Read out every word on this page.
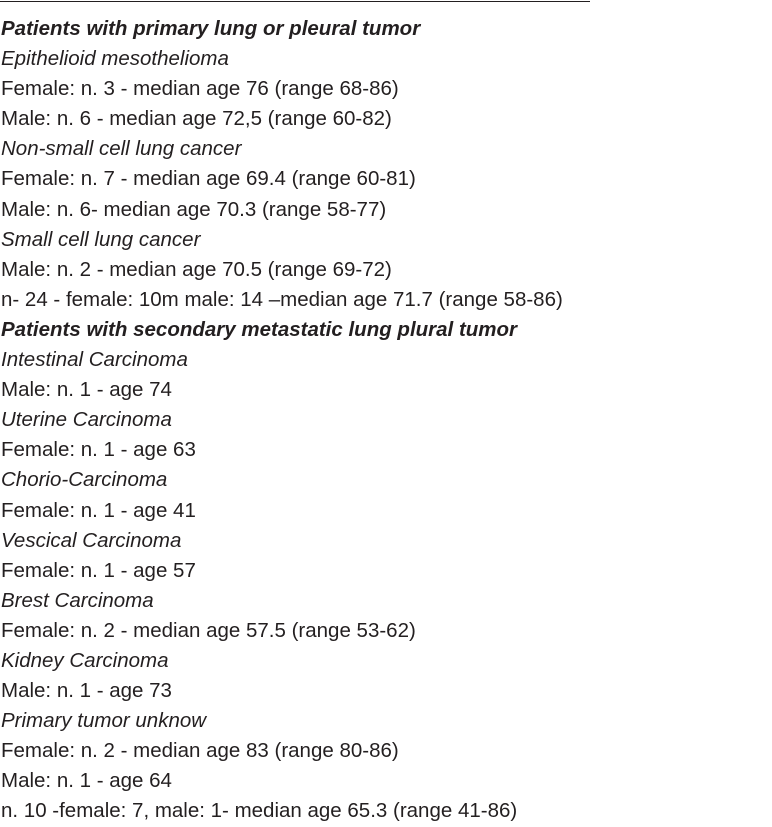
Patients with primary lung or pleural tumor
Epithelioid mesothelioma
Female: n. 3 - median age 76 (range 68-86)
Male: n. 6 - median age 72,5 (range 60-82)
Non-small cell lung cancer
Female: n. 7 - median age 69.4 (range 60-81)
Male: n. 6- median age 70.3 (range 58-77)
Small cell lung cancer
Male: n. 2 - median age 70.5 (range 69-72)
n- 24 - female: 10m male: 14 –median age 71.7 (range 58-86)
Patients with secondary metastatic lung plural tumor
Intestinal Carcinoma
Male: n. 1 - age 74
Uterine Carcinoma
Female: n. 1 - age 63
Chorio-Carcinoma
Female: n. 1 - age 41
Vescical Carcinoma
Female: n. 1 - age 57
Brest Carcinoma
Female: n. 2 - median age 57.5 (range 53-62)
Kidney Carcinoma
Male: n. 1 - age 73
Primary tumor unknow
Female: n. 2 - median age 83 (range 80-86)
Male: n. 1 - age 64
n. 10 -female: 7, male: 1- median age 65.3 (range 41-86)
